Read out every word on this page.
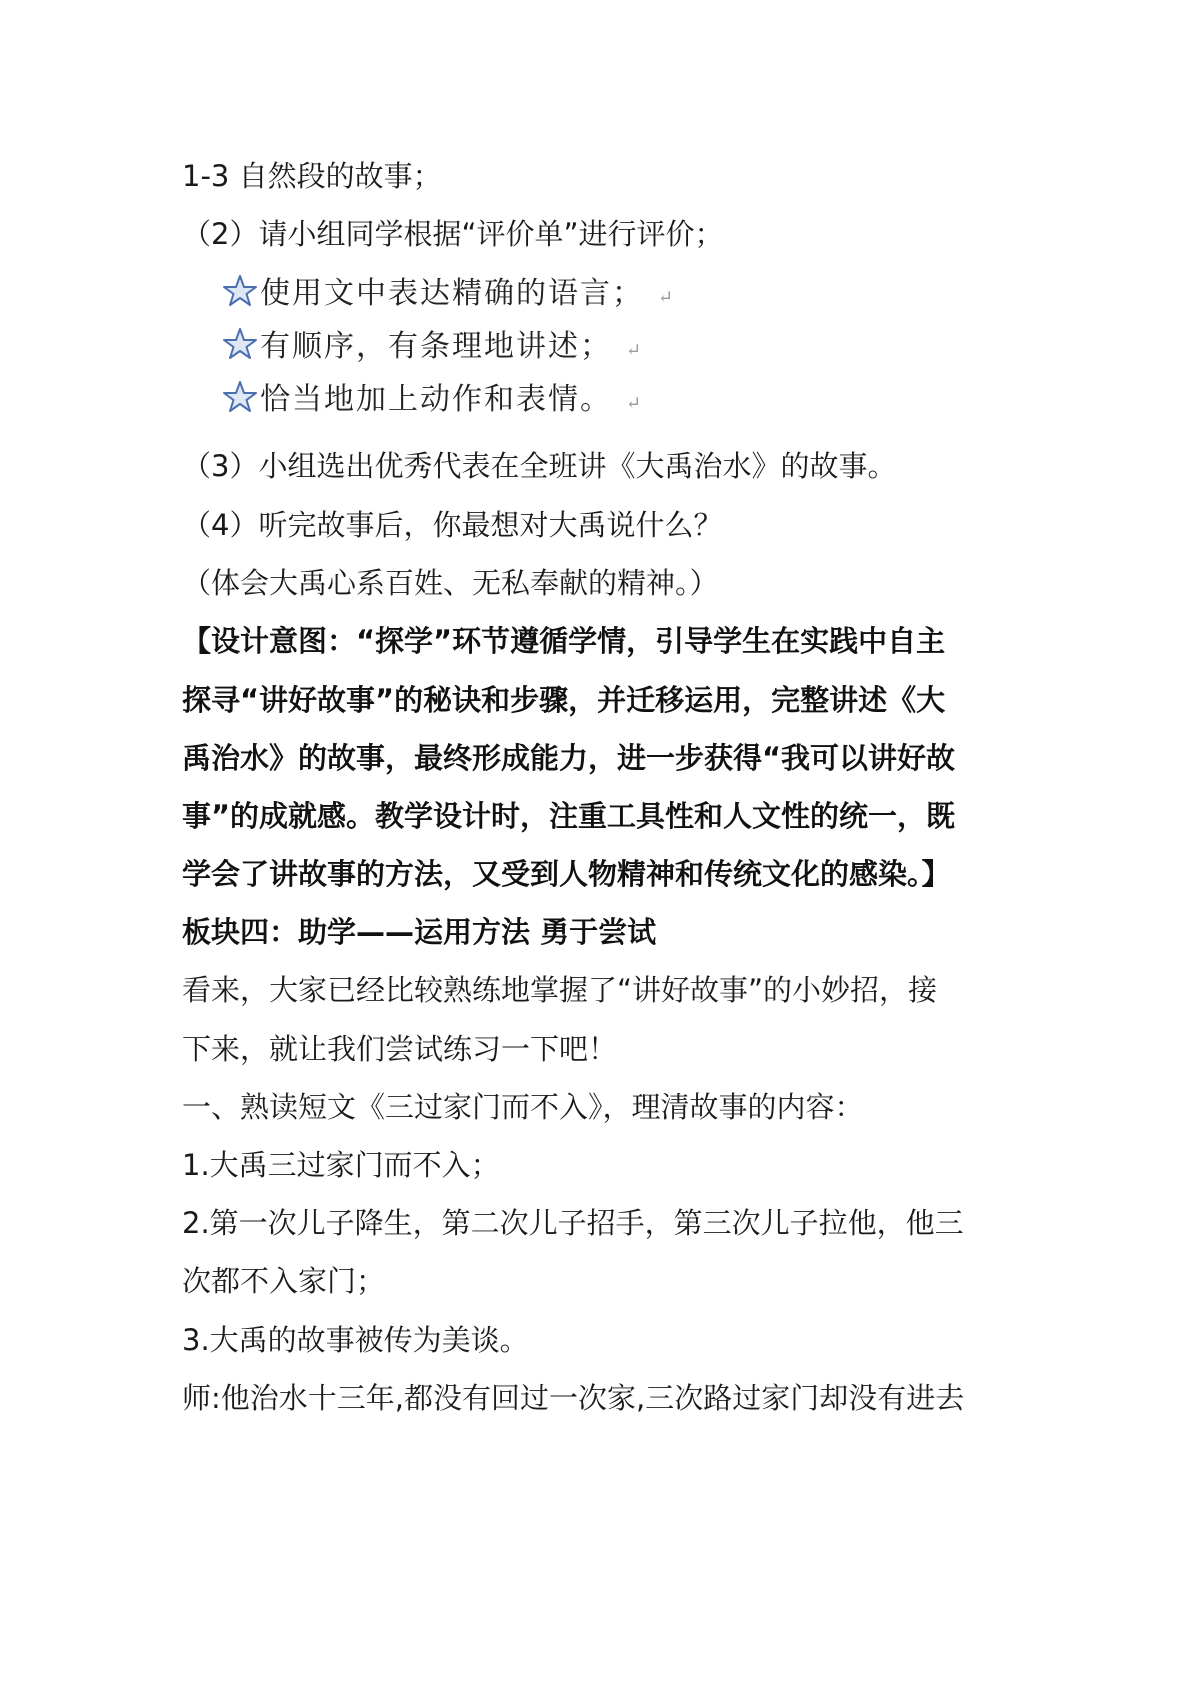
1-3 自然段的故事；
（2）请小组同学根据“评价单”进行评价；
使用文中表达精确的语言； ↵
有顺序，有条理地讲述； ↵
恰当地加上动作和表情。 ↵
（3）小组选出优秀代表在全班讲《大禹治水》的故事。
（4）听完故事后，你最想对大禹说什么？
（体会大禹心系百姓、无私奉献的精神。）
【设计意图：“探学”环节遵循学情，引导学生在实践中自主
探寻“讲好故事”的秘诀和步骤，并迁移运用，完整讲述《大
禹治水》的故事，最终形成能力，进一步获得“我可以讲好故
事”的成就感。教学设计时，注重工具性和人文性的统一，既
学会了讲故事的方法，又受到人物精神和传统文化的感染。】
板块四：助学——运用方法 勇于尝试
看来，大家已经比较熟练地掌握了“讲好故事”的小妙招，接
下来，就让我们尝试练习一下吧！
一、熟读短文《三过家门而不入》，理清故事的内容：
1.大禹三过家门而不入；
2.第一次儿子降生，第二次儿子招手，第三次儿子拉他，他三
次都不入家门；
3.大禹的故事被传为美谈。
师:他治水十三年,都没有回过一次家,三次路过家门却没有进去
